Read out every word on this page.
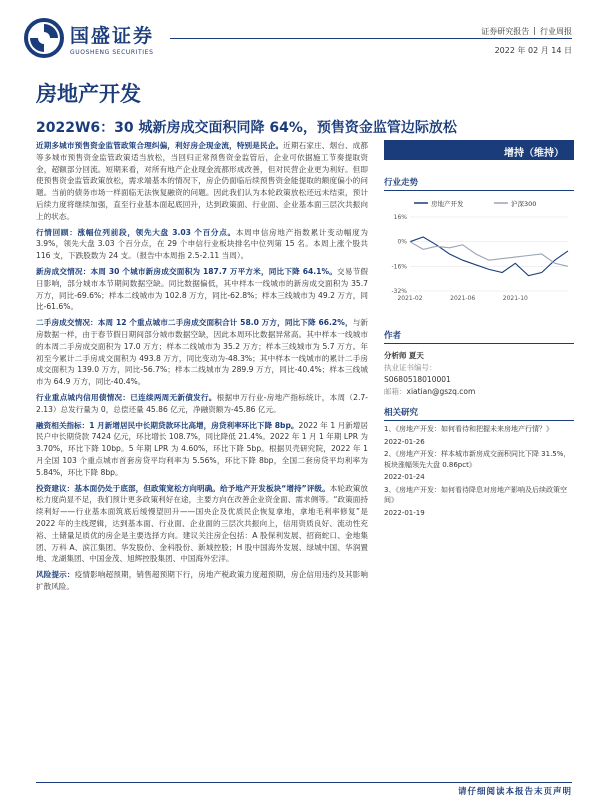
国盛证券
GUOSHENG SECURITIES
证券研究报告 | 行业周报
2022 年 02 月 14 日
房地产开发
2022W6：30 城新房成交面积同降 64%，预售资金监管边际放松

近期多城市预售资金监管政策合理纠偏，利好房企现金流，特别是民企。近期石家庄、烟台、成都等多城市预售资金监管政策适当放松，当回归正常预售资金监管后，企业可依据施工节奏提取资金，超额部分回流。短期来看，对所有地产企业现金流都形成改善，但对民营企业更为利好。但即使预售资金监管政策放松，需求端基本的情况下，房企仍面临后续预售资金能提取的额度偏小的问题。当前的债务市场一样面临无法恢复融资的问题。因此我们认为本轮政策放松还远未结束，预计后续力度将继续加强，直至行业基本面起底回升，达到政策面、行业面、企业基本面三层次共振向上的状态。

行情回顾：涨幅位列前段，领先大盘 3.03 个百分点。本周申信房地产指数累计变动幅度为 3.9%，领先大盘 3.03 个百分点，在 29 个申信行业板块排名中位列第 15 名。本周上涨个股共 116 支，下跌股数为 24 支。（报告中本周指 2.5-2.11 当周）。

新房成交情况：本周 30 个城市新房成交面积为 187.7 万平方米，同比下降 64.1%。交易节假日影响，部分城市本节期间数据空缺。同比数据偏低，其中样本一线城市的新房成交面积为 35.7 万方，同比-69.6%；样本二线城市为 102.8 万方，同比-62.8%；样本三线城市为 49.2 万方，同比-61.6%。

二手房成交情况：本周 12 个重点城市二手房成交面积合计 58.0 万方，同比下降 66.2%，与新房数据一样，由于春节假日期间部分城市数据空缺，因此本周环比数据异常高。其中样本一线城市的本周二手房成交面积为 17.0 万方；样本二线城市为 35.2 万方；样本三线城市为 5.7 万方。年初至今累计二手房成交面积为 493.8 万方，同比变动为-48.3%；其中样本一线城市的累计二手房成交面积为 139.0 万方，同比-56.7%；样本二线城市为 289.9 万方，同比-40.4%；样本三线城市为 64.9 万方，同比-40.4%。

行业重点城内信用债情况：已连续两周无新债发行。根据申万行业-房地产指标统计，本周（2.7-2.13）总发行量为 0，总偿还量 45.86 亿元，净融资额为-45.86 亿元。

融资相关指标：1 月新增居民中长期贷款环比高增，房贷利率环比下降 8bp。2022 年 1 月新增居民户中长期贷款 7424 亿元，环比增长 108.7%，同比降低 21.4%。2022 年 1 月 1 年期 LPR 为 3.70%，环比下降 10bp。5 年期 LPR 为 4.60%，环比下降 5bp。根据贝壳研究院，2022 年 1 月全国 103 个重点城市首套房贷平均利率为 5.56%，环比下降 8bp，全国二套房贷平均利率为 5.84%，环比下降 8bp。

投资建议：基本面仍处于底部，但政策宽松方向明确。给予地产开发板块“增持”评级。本轮政策放松力度尚显不足，我们预计更多政策利好在途，主要方向在改善企业资金面、需求侧等。“政策面持续利好——行业基本面筑底后缓慢望回升——国央企及优质民企恢复拿地，拿地毛利率修复”是 2022 年的主线逻辑，达到基本面、行业面、企业面的三层次共振向上，信用资质良好、流动性充裕、土储量足质优的房企是主要选择方向。建议关注房企包括：A 股保利发展、招商蛇口、金地集团、万科 A、滨江集团、华发股份、金科股份、新城控股；H 股中国海外发展、绿城中国、华润置地、龙湖集团、中国金茂、旭辉控股集团、中国海外宏洋。

风险提示：疫情影响超预期，销售超预期下行，房地产税政策力度超预期，房企信用违约及其影响扩散风险。

增持（维持）
行业走势
房地产开发	沪深300
16%
0%
-16%
-32%
2021-02	2021-06	2021-10
作者
分析师 夏天
执业证书编号：
S0680518010001
邮箱：xiatian@gszq.com
相关研究
1、《房地产开发：如何看待和把握未来房地产行情？》
2022-01-26
2、《房地产开发：样本城市新房成交面积同比下降 31.5%，板块涨幅领先大盘 0.86pct》
2022-01-24
3、《房地产开发：如何看待降息对房地产影响及后续政策空间》
2022-01-19
请仔细阅读本报告末页声明
